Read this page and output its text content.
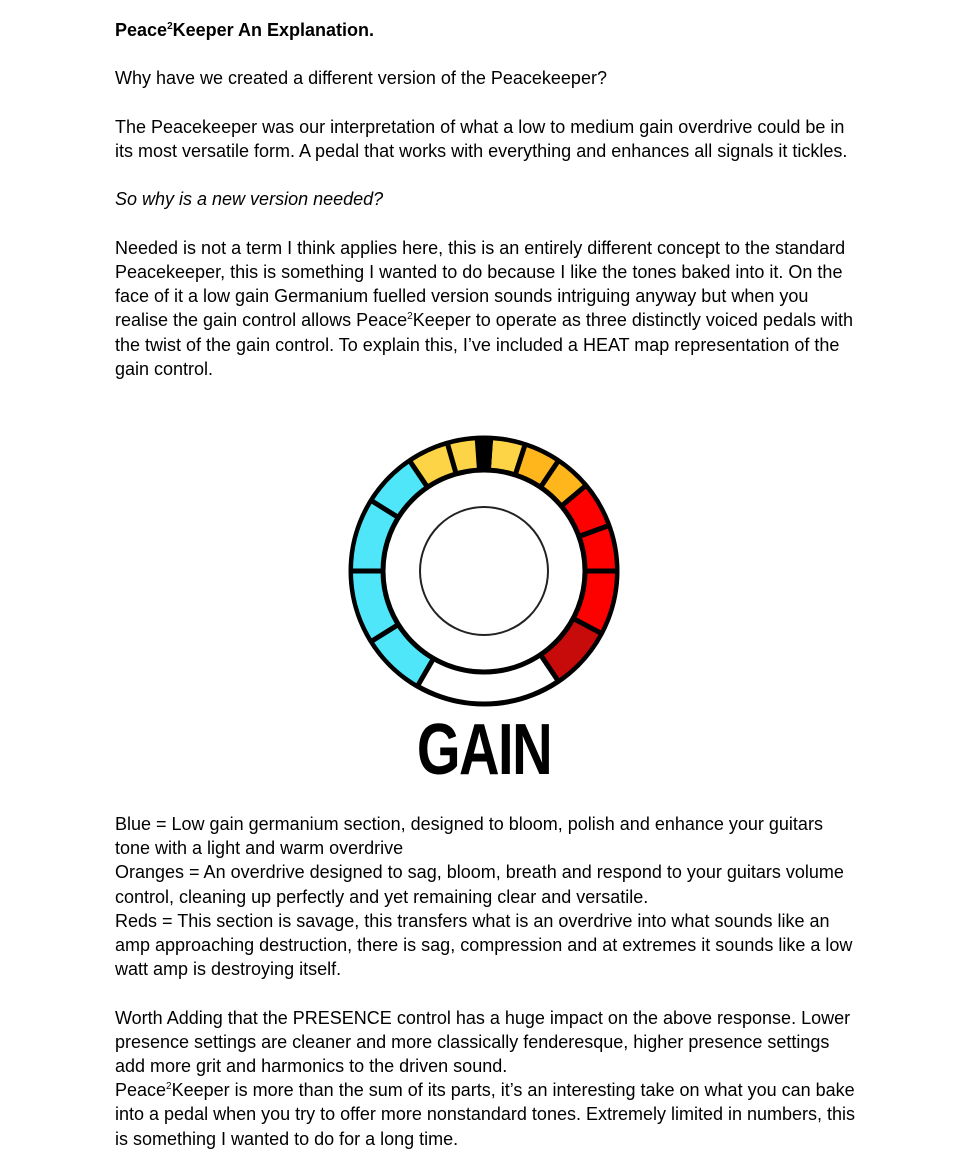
Peace$^2$Keeper An Explanation.

Why have we created a different version of the Peacekeeper?

The Peacekeeper was our interpretation of what a low to medium gain overdrive could be in its most versatile form. A pedal that works with everything and enhances all signals it tickles.

So why is a new version needed?

Needed is not a term I think applies here, this is an entirely different concept to the standard Peacekeeper, this is something I wanted to do because I like the tones baked into it. On the face of it a low gain Germanium fuelled version sounds intriguing anyway but when you realise the gain control allows Peace$^2$Keeper to operate as three distinctly voiced pedals with the twist of the gain control. To explain this, I’ve included a HEAT map representation of the gain control.

GAIN

Blue = Low gain germanium section, designed to bloom, polish and enhance your guitars tone with a light and warm overdrive

Oranges = An overdrive designed to sag, bloom, breath and respond to your guitars volume control, cleaning up perfectly and yet remaining clear and versatile.

Reds = This section is savage, this transfers what is an overdrive into what sounds like an amp approaching destruction, there is sag, compression and at extremes it sounds like a low watt amp is destroying itself.

Worth Adding that the PRESENCE control has a huge impact on the above response. Lower presence settings are cleaner and more classically fenderesque, higher presence settings add more grit and harmonics to the driven sound.

Peace$^2$Keeper is more than the sum of its parts, it’s an interesting take on what you can bake into a pedal when you try to offer more nonstandard tones. Extremely limited in numbers, this is something I wanted to do for a long time.
